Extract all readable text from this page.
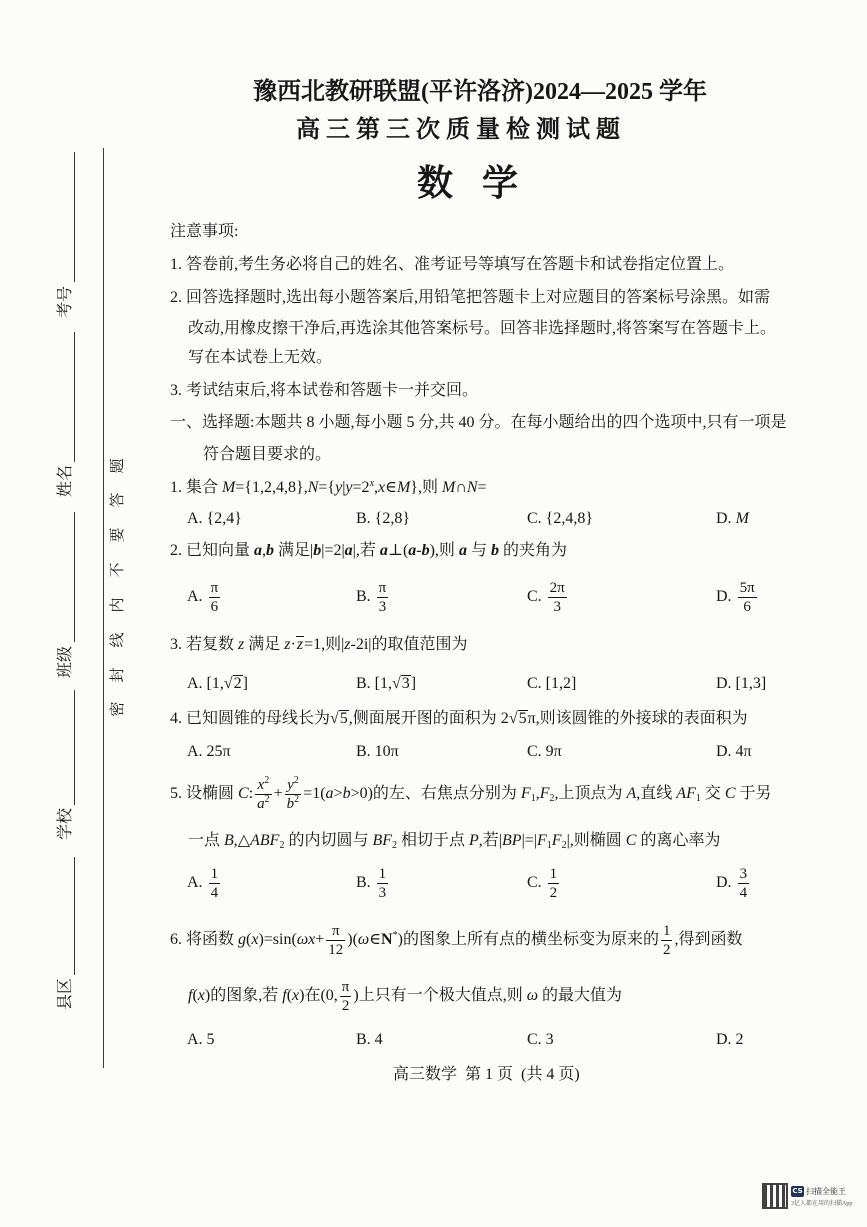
考号
姓名
班级
学校
县区
密
封
线
内
不
要
答
题
豫西北教研联盟(平许洛济)2024—2025 学年
高三第三次质量检测试题
数 学
注意事项:
1. 答卷前,考生务必将自己的姓名、准考证号等填写在答题卡和试卷指定位置上。
2. 回答选择题时,选出每小题答案后,用铅笔把答题卡上对应题目的答案标号涂黑。如需
改动,用橡皮擦干净后,再选涂其他答案标号。回答非选择题时,将答案写在答题卡上。
写在本试卷上无效。
3. 考试结束后,将本试卷和答题卡一并交回。
一、选择题:本题共 8 小题,每小题 5 分,共 40 分。在每小题给出的四个选项中,只有一项是
符合题目要求的。
1. 集合 $M=\{1,2,4,8\},N=\{y|y=2^x,x\in M\}$,则 M∩N=

A. {2,4}

	B. {2,8}

	C. {2,4,8}

	D. M

2. 已知向量 a,b 满足|b|=2|a|,若 a⊥(a-b),则 a 与 b 的夹角为

A. $\frac{\pi}{6}$

	B. $\frac{\pi}{3}$

	C. $\frac{2\pi}{3}$

	D. $\frac{5\pi}{6}$

3. 若复数 z 满足 z·z=1,则|z-2i|的取值范围为

A. [1,√2]

	B. [1,√3]

	C. [1,2]

	D. [1,3]

4. 已知圆锥的母线长为√5,侧面展开图的面积为 2√5π,则该圆锥的外接球的表面积为

A. 25π

	B. 10π

	C. 9π

	D. 4π

5. 设椭圆 C: $\frac{x^2}{a^2} + \frac{y^2}{b^2} =1(a>b>0)$的左、右焦点分别为 $F_1,F_2$,上顶点为 A,直线 $AF_1$ 交 C 于另
一点 $B,\triangle ABF_2$ 的内切圆与 $BF_2$ 相切于点 P,若$|BP|=|F_1F_2|$,则椭圆 C 的离心率为

A. $\frac{1}{4}$

	B. $\frac{1}{3}$

	C. $\frac{1}{2}$

	D. $\frac{3}{4}$

6. 将函数 $g(x)=\sin(\omega x+ \frac{\pi}{12}$ )(ω∈N*)的图象上所有点的横坐标变为原来的 $\frac{1}{2}$ ,得到函数
f(x)的图象,若 f(x)在(0, $\frac{\pi}{2}$ )上只有一个极大值点,则 ω 的最大值为

A. 5

	B. 4

	C. 3

	D. 2

高三数学  第 1 页  (共 4 页)
CS 扫描全能王
3亿人都在用的扫描App
